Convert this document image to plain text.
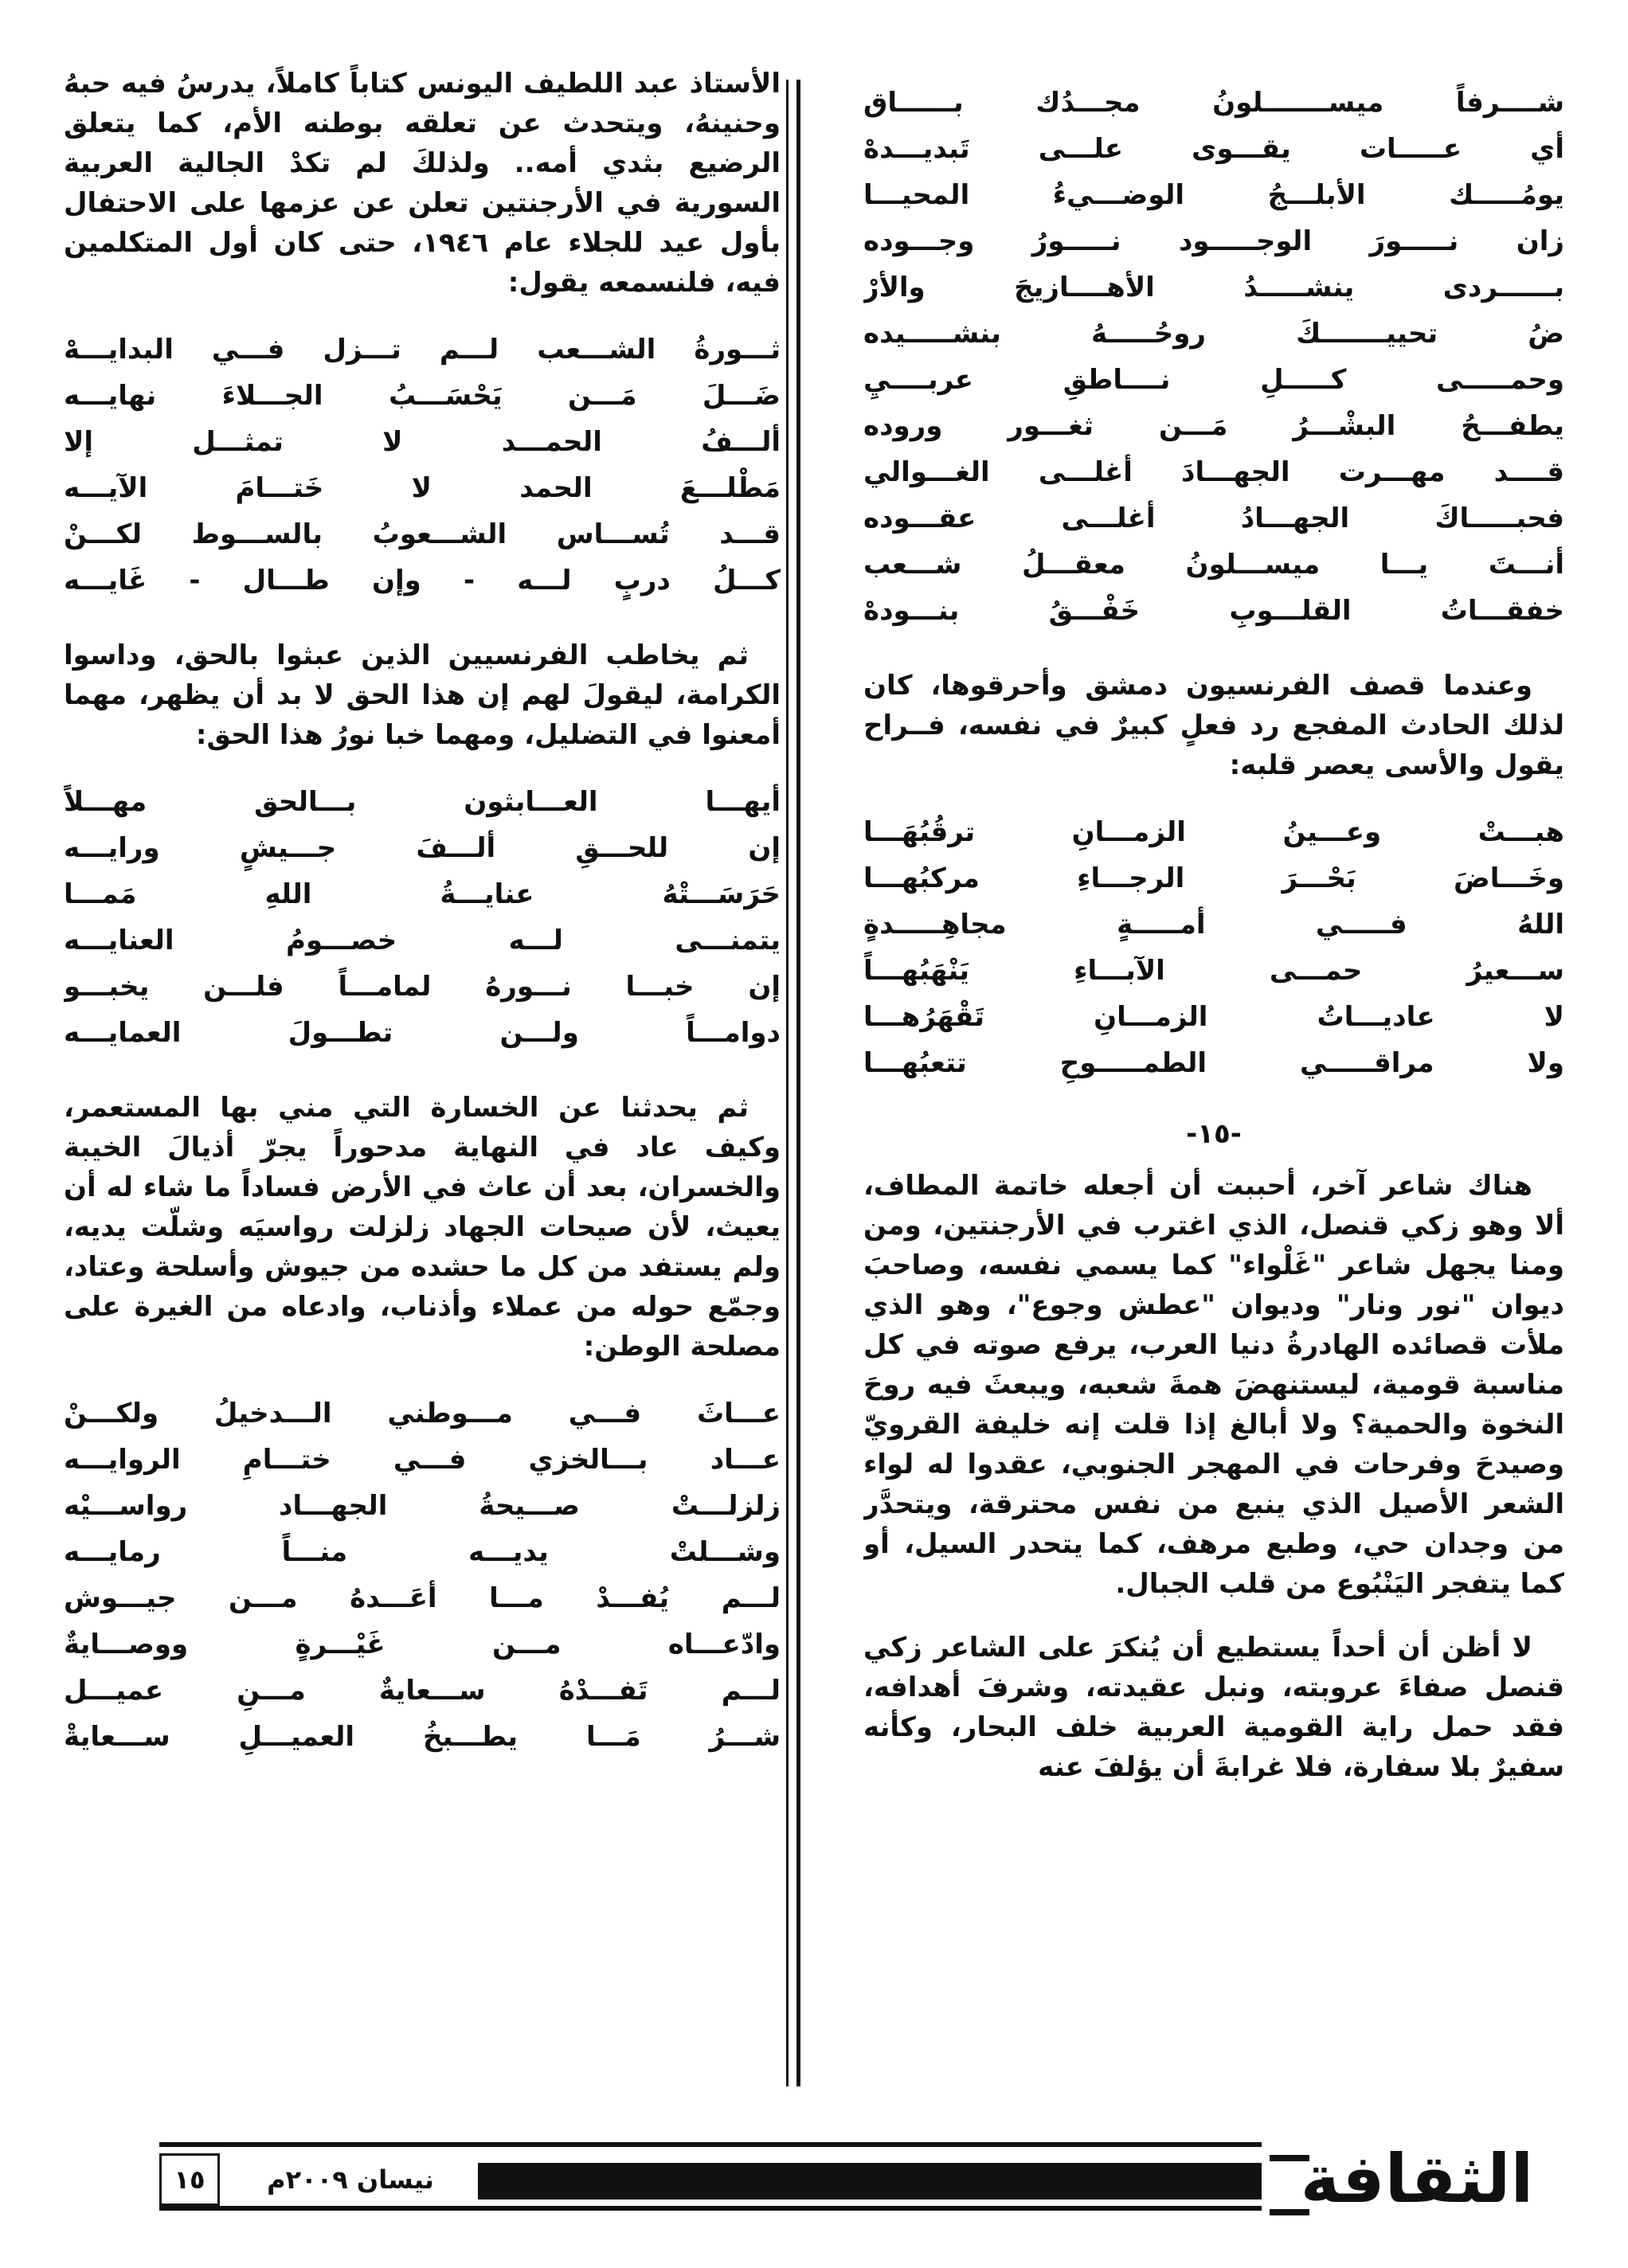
شــــرفاً ميســـــــلونُ مجـــدُك بــــــاق
أي عـــــات يقـــوى علـــى تَبديـــدهْ
يومُـــــك الأبلـــجُ الوضـــيءُ المحيـــا
زان نـــــورَ الوجـــــود نـــــورُ وجـــوده
بــــــردى ينشـــــدُ الأهــــازيجَ والأرْ
ضُ تحييـــــــكَ روحُـــــهُ بنشـــــيده
وحمـــــى كـــــلِ نــــاطقِ عربــــيِ
يطفـــحُ البشْـــرُ مَـــن ثغـــور وروده
قــــد مهـــرت الجهـــادَ أغلـــى الغـــوالي
فحبـــــاكَ الجهـــادُ أغلـــى عقـــوده
أنـــتَ يـــا ميســـلونُ معقـــلُ شـــعب
خفقـــاتُ القلـــوبِ خَفْـــقُ بنـــودهْ

وعندما قصف الفرنسيون دمشق وأحرقوها، كان لذلك الحادث المفجع رد فعلٍ كبيرٌ في نفسه، فــراح يقول والأسى يعصر قلبه:

هبـــتْ وعـــينُ الزمـــانِ ترقُبُهَـــا
وخَـــاضَ بَحْـــرَ الرجـــاءِ مركبُهـــا
اللهُ فـــــي أمـــــةٍ مجاهِـــــدةٍ
ســـعيرُ حمـــى الآبـــاءِ يَنْهَبُهـــاً
لا عاديـــاتُ الزمـــانِ تَقْهَرُهـــا
ولا مراقـــــي الطمـــــوحِ تتعبُهـــا
-١٥-

هناك شاعر آخر، أحببت أن أجعله خاتمة المطاف، ألا وهو زكي قنصل، الذي اغترب في الأرجنتين، ومن ومنا يجهل شاعر "غَلْواء" كما يسمي نفسه، وصاحبَ ديوان "نور ونار" وديوان "عطش وجوع"، وهو الذي ملأت قصائده الهادرةُ دنيا العرب، يرفع صوته في كل مناسبة قومية، ليستنهضَ همةَ شعبه، ويبعثَ فيه روحَ النخوة والحمية؟ ولا أبالغ إذا قلت إنه خليفة القرويّ وصيدحَ وفرحات في المهجر الجنوبي، عقدوا له لواء الشعر الأصيل الذي ينبع من نفس محترقة، ويتحدَّر من وجدان حي، وطبع مرهف، كما يتحدر السيل، أو كما يتفجر اليَنْبُوع من قلب الجبال.

لا أظن أن أحداً يستطيع أن يُنكرَ على الشاعر زكي قنصل صفاءَ عروبته، ونبل عقيدته، وشرفَ أهدافه، فقد حمل راية القومية العربية خلف البحار، وكأنه سفيرٌ بلا سفارة، فلا غرابةَ أن يؤلفَ عنه

الأستاذ عبد اللطيف اليونس كتاباً كاملاً، يدرسُ فيه حبهُ وحنينهُ، ويتحدث عن تعلقه بوطنه الأم، كما يتعلق الرضيع بثدي أمه.. ولذلكَ لم تكدْ الجالية العربية السورية في الأرجنتين تعلن عن عزمها على الاحتفال بأول عيد للجلاء عام ١٩٤٦، حتى كان أول المتكلمين فيه، فلنسمعه يقول:

ثـــورةُ الشـــعب لـــم تـــزل فـــي البدايـــهْ
ضَـــلَ مَـــن يَحْسَـــبُ الجـــلاءَ نهايـــه
ألـــفُ الحمـــد لا تمثـــل إلا
مَطْلـــعَ الحمد لا خَتـــامَ الآيـــه
قـــد تُســـاس الشـــعوبُ بالســـوط لكـــنْ
كـــلُ دربٍ لـــه - وإن طـــال - غَايـــه

ثم يخاطب الفرنسيين الذين عبثوا بالحق، وداسوا الكرامة، ليقولَ لهم إن هذا الحق لا بد أن يظهر، مهما أمعنوا في التضليل، ومهما خبا نورُ هذا الحق:

أيهـــا العـــابثون بـــالحق مهـــلاً
إن للحـــقِ ألـــفَ جـــيشٍ ورايـــه
حَرَسَـــتْهُ عنايـــةُ اللهِ مَمـــا
يتمنـــى لـــه خصـــومُ العنايـــه
إن خبـــا نـــورهُ لمامـــاً فلـــن يخبـــو
دوامـــاً ولـــن تطـــولَ العمايـــه

ثم يحدثنا عن الخسارة التي مني بها المستعمر، وكيف عاد في النهاية مدحوراً يجرّ أذيالَ الخيبة والخسران، بعد أن عاث في الأرض فساداً ما شاء له أن يعيث، لأن صيحات الجهاد زلزلت رواسيَه وشلّت يديه، ولم يستفد من كل ما حشده من جيوش وأسلحة وعتاد، وجمّع حوله من عملاء وأذناب، وادعاه من الغيرة على مصلحة الوطن:

عـــاثَ فـــي مـــوطني الـــدخيلُ ولكـــنْ
عـــاد بـــالخزي فـــي ختـــامِ الروايـــه
زلزلـــتْ صـــيحةُ الجهـــاد رواســـيْه
وشـــلتْ يديـــه منـــاً رمايـــه
لـــم يُفـــدْ مـــا أعَـــدهُ مـــن جيـــوش
وادّعـــاه مـــن غَيْـــرةٍ ووصـــايةٌ
لـــم تَفـــدْهُ ســـعايةٌ مـــنِ عميـــل
شـــرُ مَـــا يطـــبخُ العميـــلِ ســـعايةْ
الثقافة
نيسان ٢٠٠٩م
١٥
